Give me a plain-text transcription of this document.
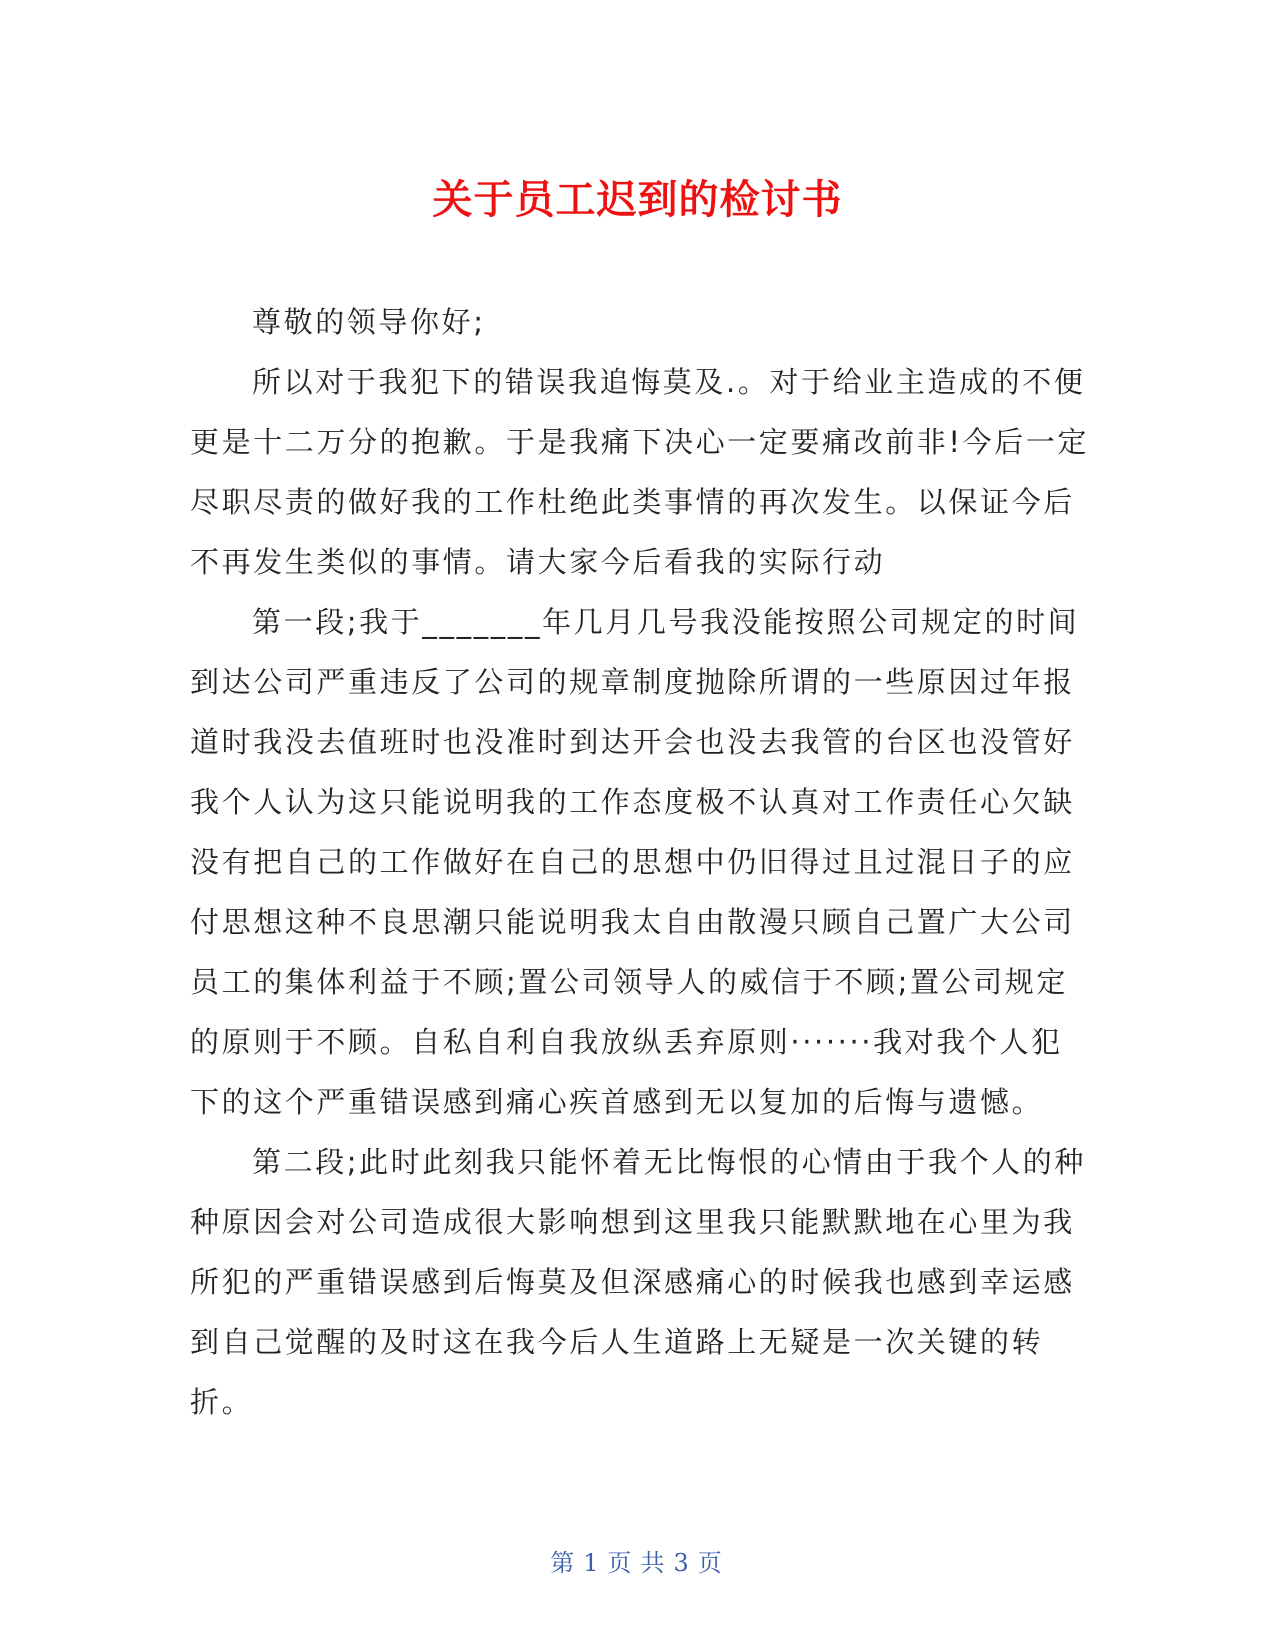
关于员工迟到的检讨书

尊敬的领导你好;

所以对于我犯下的错误我追悔莫及.。对于给业主造成的不便更是十二万分的抱歉。于是我痛下决心一定要痛改前非!今后一定尽职尽责的做好我的工作杜绝此类事情的再次发生。以保证今后不再发生类似的事情。请大家今后看我的实际行动

第一段;我于_______年几月几号我没能按照公司规定的时间到达公司严重违反了公司的规章制度抛除所谓的一些原因过年报道时我没去值班时也没准时到达开会也没去我管的台区也没管好我个人认为这只能说明我的工作态度极不认真对工作责任心欠缺没有把自己的工作做好在自己的思想中仍旧得过且过混日子的应付思想这种不良思潮只能说明我太自由散漫只顾自己置广大公司员工的集体利益于不顾;置公司领导人的威信于不顾;置公司规定的原则于不顾。自私自利自我放纵丢弃原则·······我对我个人犯下的这个严重错误感到痛心疾首感到无以复加的后悔与遗憾。

第二段;此时此刻我只能怀着无比悔恨的心情由于我个人的种种原因会对公司造成很大影响想到这里我只能默默地在心里为我所犯的严重错误感到后悔莫及但深感痛心的时候我也感到幸运感到自己觉醒的及时这在我今后人生道路上无疑是一次关键的转折。

第 1 页 共 3 页
